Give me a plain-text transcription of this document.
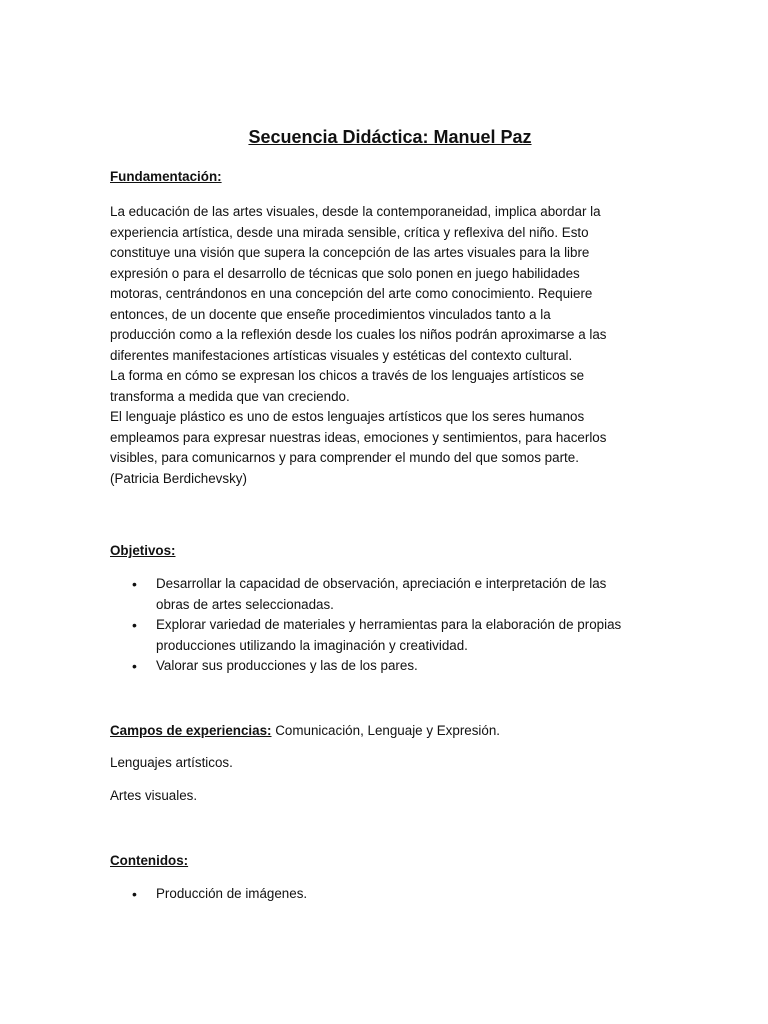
Secuencia Didáctica: Manuel Paz
Fundamentación:
La educación de las artes visuales, desde la contemporaneidad, implica abordar la
experiencia artística, desde una mirada sensible, crítica y reflexiva del niño. Esto
constituye una visión que supera la concepción de las artes visuales para la libre
expresión o para el desarrollo de técnicas que solo ponen en juego habilidades
motoras, centrándonos en una concepción del arte como conocimiento. Requiere
entonces, de un docente que enseñe procedimientos vinculados tanto a la
producción como a la reflexión desde los cuales los niños podrán aproximarse a las
diferentes manifestaciones artísticas visuales y estéticas del contexto cultural.
La forma en cómo se expresan los chicos a través de los lenguajes artísticos se
transforma a medida que van creciendo.
El lenguaje plástico es uno de estos lenguajes artísticos que los seres humanos
empleamos para expresar nuestras ideas, emociones y sentimientos, para hacerlos
visibles, para comunicarnos y para comprender el mundo del que somos parte.
(Patricia Berdichevsky)
Objetivos:
• Desarrollar la capacidad de observación, apreciación e interpretación de las
obras de artes seleccionadas.
• Explorar variedad de materiales y herramientas para la elaboración de propias
producciones utilizando la imaginación y creatividad.
• Valorar sus producciones y las de los pares.
Campos de experiencias: Comunicación, Lenguaje y Expresión.
Lenguajes artísticos.
Artes visuales.
Contenidos:
• Producción de imágenes.
